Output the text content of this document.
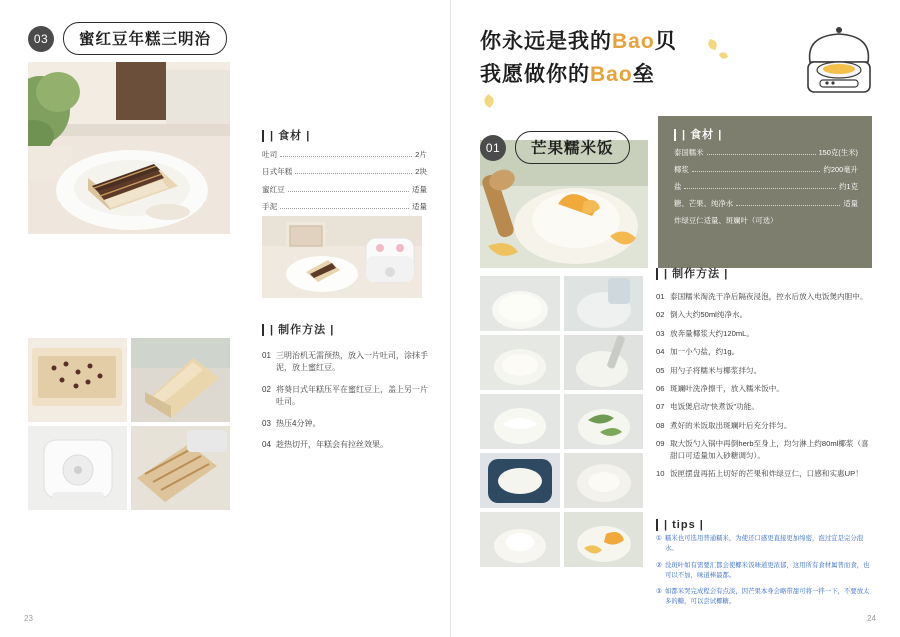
03	蜜红豆年糕三明治
| 食材 |
吐司	2片
日式年糕	2块
蜜红豆	适量
手泥	适量
| 制作方法 |
01 三明治机无需预热，放入一片吐司，涂抹手泥，放上蜜红豆。
02 将葵日式年糕压平在蜜红豆上，盖上另一片吐司。
03 热压4分钟。
04 趁热切开，年糕会有拉丝效果。
23
你永远是我的Bao贝
我愿做你的Bao垒
01	芒果糯米饭
| 食材 |
泰国糯米	150克(生米)
椰浆	约200毫升
盐	约1克
糖、芒果、纯净水	适量
炸绿豆仁适量、斑斓叶（可选）
| 制作方法 |
01 泰国糯米淘洗干净后隔夜浸泡，控水后放入电饭煲内胆中。
02 倒入大约50ml纯净水。
03 放奔量椰浆大约120mL。
04 加一小勺盐，约1g。
05 用勺子将糯米与椰浆拌匀。
06 斑斓叶洗净擦干，放入糯米饭中。
07 电饭煲启动"快煮饭"功能。
08 煮好的米饭取出斑斓叶后充分拌匀。
09 取大饭勺入锅中再倒herb至身上，均匀淋上约80ml椰浆（喜甜口可适量加入砂糖调匀）。
10 饭匣摆盘再拓上切好的芒果和炸绿豆仁，口感和实惠UP！
| tips |
① 糯米也可选用普通糯米，为使还口感更直接更加绵密，泡过宜是完分泡水。
② 没斑叶如有需要汇都会使椰米饭味道更浓郁，这用所有食材属普而食，也可以不加，味道棒最都。
③ 如都米哭完成程会有点淡，因芒果本身会略带甜可将一拌一下，不要放太多的糖，可以尝试椰糖。
24
